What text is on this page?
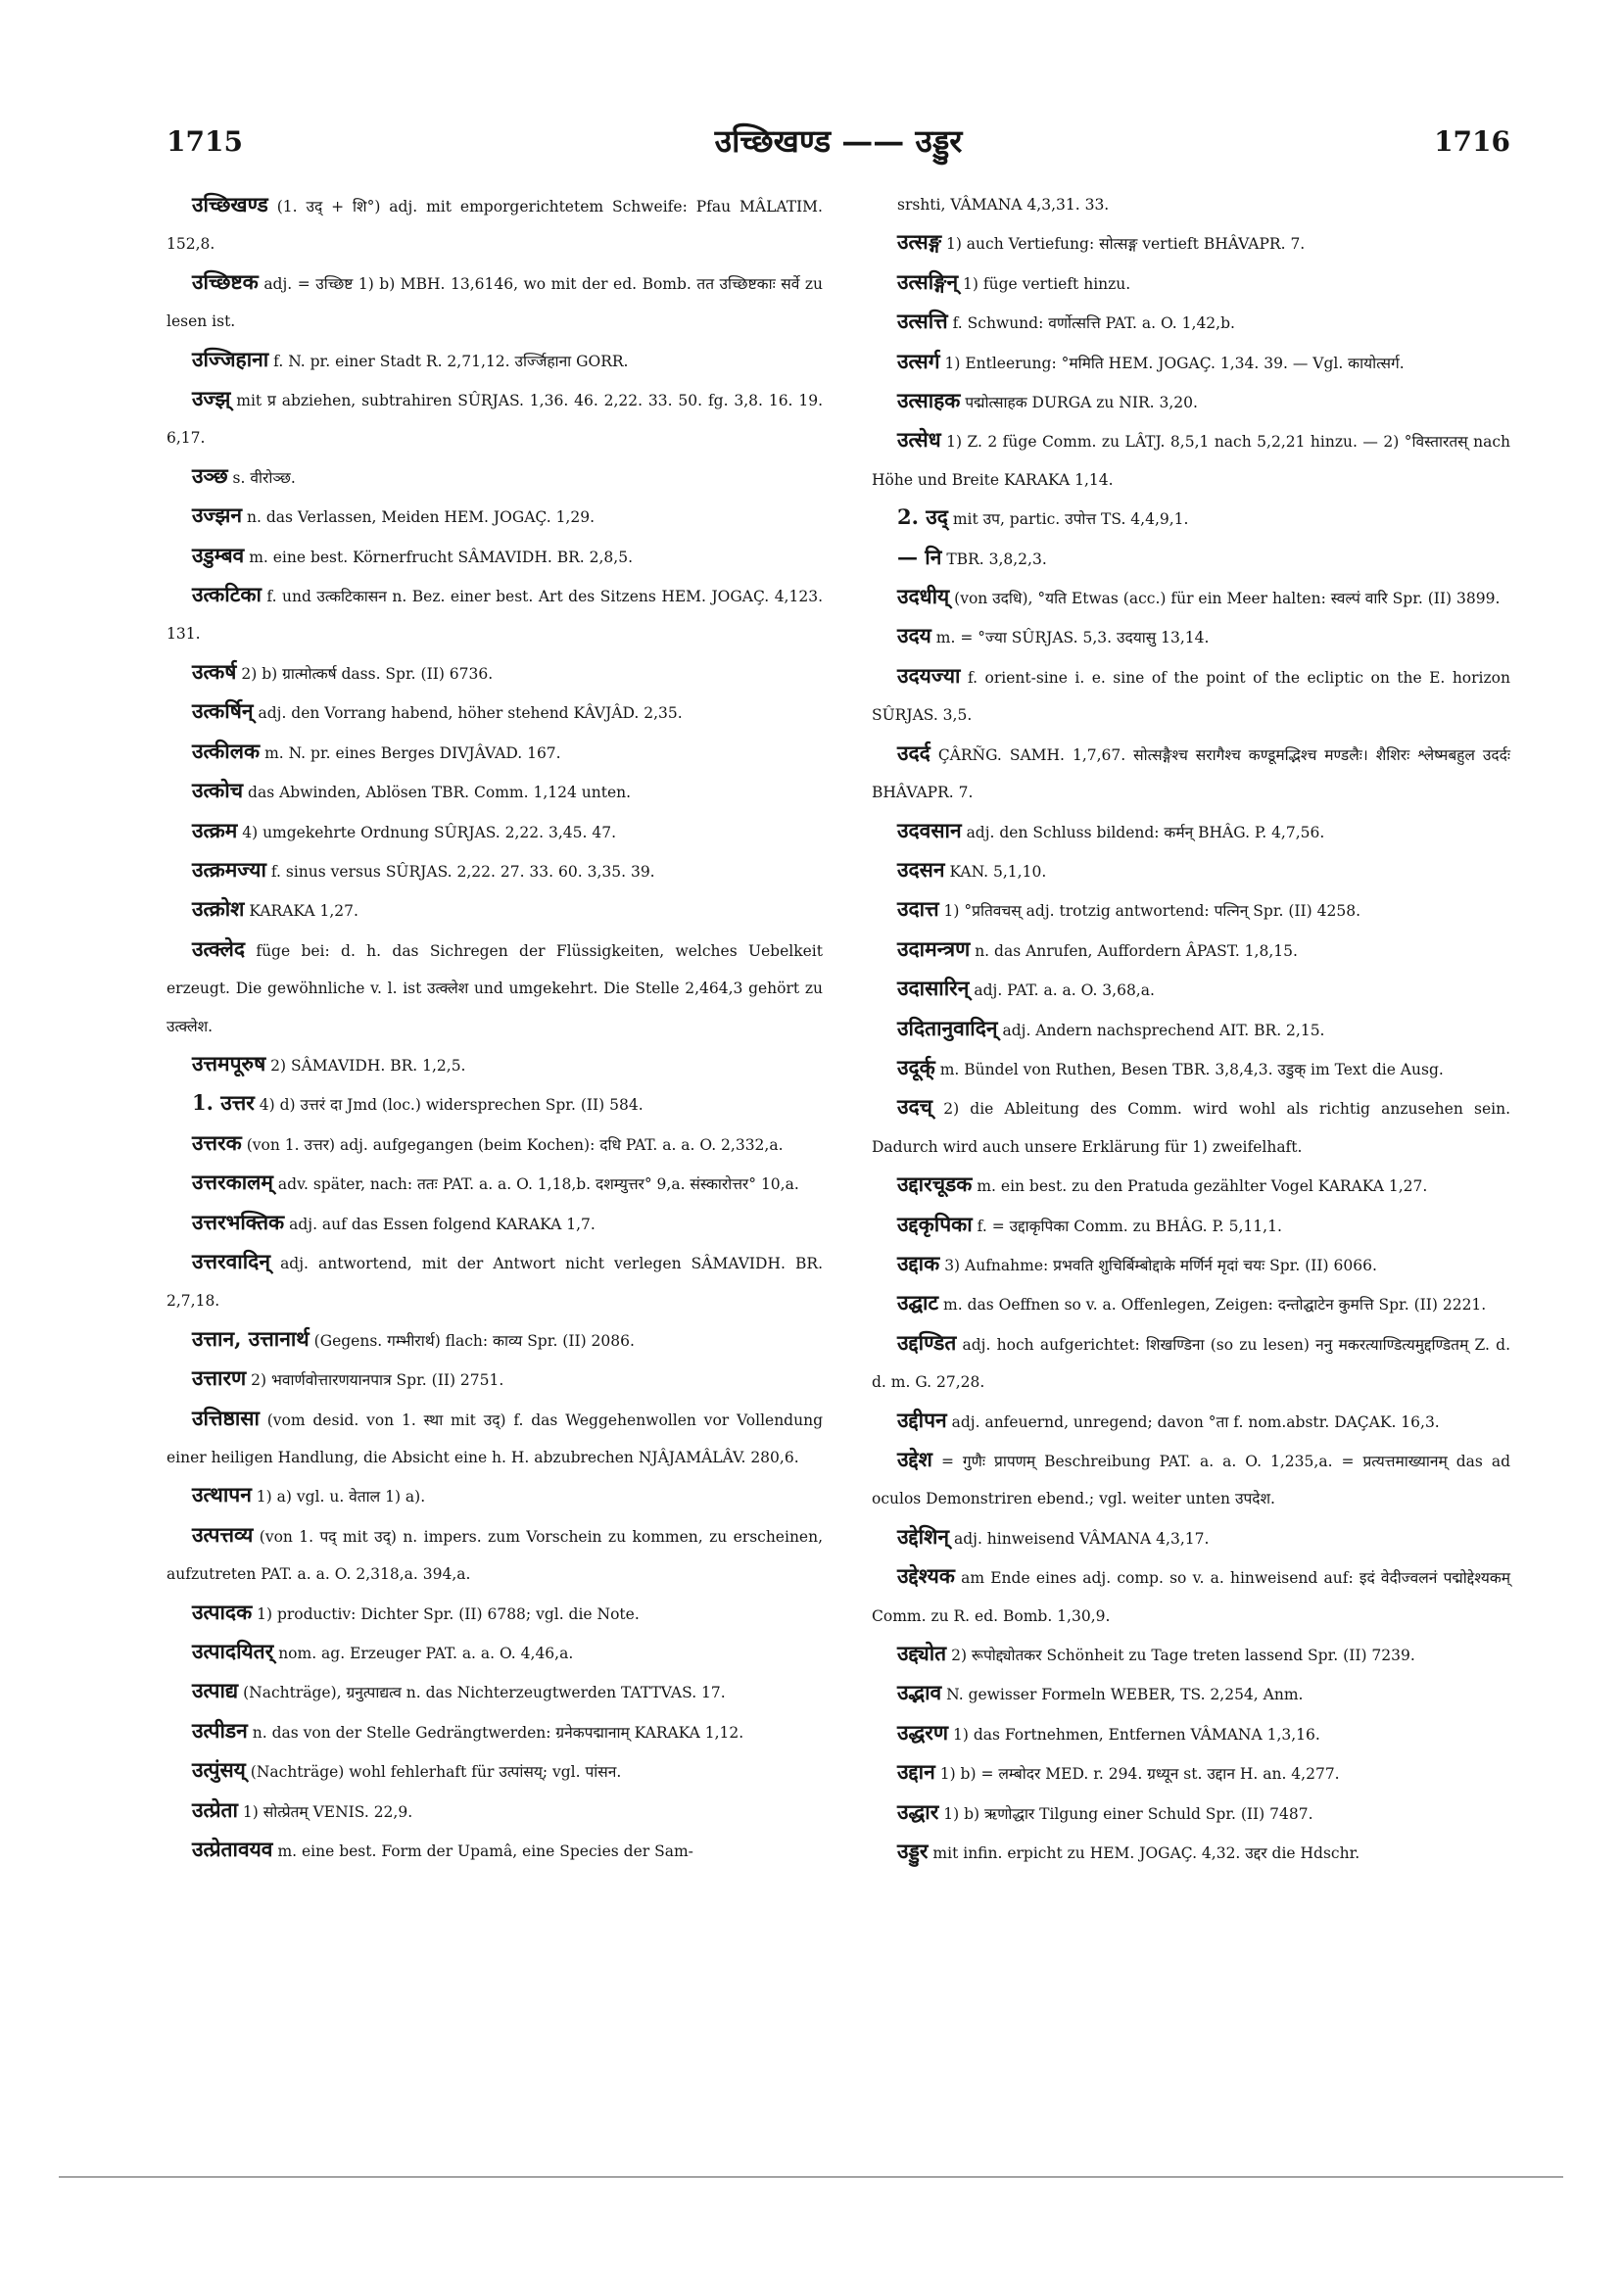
1715	उच्छिखण्ड —— उड्डुर	1716

उच्छिखण्ड (1. उद् + शि°) adj. mit emporgerichtetem Schweife: Pfau MÂLATIM. 152,8.

उच्छिष्टक adj. = उच्छिष्ट 1) b) MBH. 13,6146, wo mit der ed. Bomb. तत उच्छिष्टकाः सर्वे zu lesen ist.

उज्जिहाना f. N. pr. einer Stadt R. 2,71,12. उर्ज्जिहाना GORR.

उज्झ् mit प्र abziehen, subtrahiren SÛRJAS. 1,36. 46. 2,22. 33. 50. fg. 3,8. 16. 19. 6,17.

उञ्छ s. वीरोञ्छ.

उज्झन n. das Verlassen, Meiden HEM. JOGAÇ. 1,29.

उडुम्बव m. eine best. Körnerfrucht SÂMAVIDH. BR. 2,8,5.

उत्कटिका f. und उत्कटिकासन n. Bez. einer best. Art des Sitzens HEM. JOGAÇ. 4,123. 131.

उत्कर्ष 2) b) ग्रात्मोत्कर्ष dass. Spr. (II) 6736.

उत्कर्षिन् adj. den Vorrang habend, höher stehend KÂVJÂD. 2,35.

उत्कीलक m. N. pr. eines Berges DIVJÂVAD. 167.

उत्कोच das Abwinden, Ablösen TBR. Comm. 1,124 unten.

उत्क्रम 4) umgekehrte Ordnung SÛRJAS. 2,22. 3,45. 47.

उत्क्रमज्या f. sinus versus SÛRJAS. 2,22. 27. 33. 60. 3,35. 39.

उत्क्रोश KARAKA 1,27.

उत्क्लेद füge bei: d. h. das Sichregen der Flüssigkeiten, welches Uebelkeit erzeugt. Die gewöhnliche v. l. ist उत्क्लेश und umgekehrt. Die Stelle 2,464,3 gehört zu उत्क्लेश.

उत्तमपूरुष 2) SÂMAVIDH. BR. 1,2,5.

1. उत्तर 4) d) उत्तरं दा Jmd (loc.) widersprechen Spr. (II) 584.

उत्तरक (von 1. उत्तर) adj. aufgegangen (beim Kochen): दधि PAT. a. a. O. 2,332,a.

उत्तरकालम् adv. später, nach: ततः PAT. a. a. O. 1,18,b. दशम्युत्तर° 9,a. संस्कारोत्तर° 10,a.

उत्तरभक्तिक adj. auf das Essen folgend KARAKA 1,7.

उत्तरवादिन् adj. antwortend, mit der Antwort nicht verlegen SÂMAVIDH. BR. 2,7,18.

उत्तान, उत्तानार्थ (Gegens. गम्भीरार्थ) flach: काव्य Spr. (II) 2086.

उत्तारण 2) भवार्णवोत्तारणयानपात्र Spr. (II) 2751.

उत्तिष्ठासा (vom desid. von 1. स्था mit उद्) f. das Weggehenwollen vor Vollendung einer heiligen Handlung, die Absicht eine h. H. abzubrechen NJÂJAMÂLÂV. 280,6.

उत्थापन 1) a) vgl. u. वेताल 1) a).

उत्पत्तव्य (von 1. पद् mit उद्) n. impers. zum Vorschein zu kommen, zu erscheinen, aufzutreten PAT. a. a. O. 2,318,a. 394,a.

उत्पादक 1) productiv: Dichter Spr. (II) 6788; vgl. die Note.

उत्पादयितर् nom. ag. Erzeuger PAT. a. a. O. 4,46,a.

उत्पाद्य (Nachträge), ग्रनुत्पाद्यत्व n. das Nichterzeugtwerden TATTVAS. 17.

उत्पीडन n. das von der Stelle Gedrängtwerden: ग्रनेकपद्मानाम् KARAKA 1,12.

उत्पुंसय् (Nachträge) wohl fehlerhaft für उत्पांसय्; vgl. पांसन.

उत्प्रेता 1) सोत्प्रेतम् VENIS. 22,9.

उत्प्रेतावयव m. eine best. Form der Upamâ, eine Species der Sam-

srshti, VÂMANA 4,3,31. 33.

उत्सङ्ग 1) auch Vertiefung: सोत्सङ्ग vertieft BHÂVAPR. 7.

उत्सङ्गिन् 1) füge vertieft hinzu.

उत्सत्ति f. Schwund: वर्णोत्सत्ति PAT. a. O. 1,42,b.

उत्सर्ग 1) Entleerung: °ममिति HEM. JOGAÇ. 1,34. 39. — Vgl. कायोत्सर्ग.

उत्साहक पद्मोत्साहक DURGA zu NIR. 3,20.

उत्सेध 1) Z. 2 füge Comm. zu LÂTJ. 8,5,1 nach 5,2,21 hinzu. — 2) °विस्तारतस् nach Höhe und Breite KARAKA 1,14.

2. उद् mit उप, partic. उपोत्त TS. 4,4,9,1.

— नि TBR. 3,8,2,3.

उदधीय् (von उदधि), °यति Etwas (acc.) für ein Meer halten: स्वल्पं वारि Spr. (II) 3899.

उदय m. = °ज्या SÛRJAS. 5,3. उदयासु 13,14.

उदयज्या f. orient-sine i. e. sine of the point of the ecliptic on the E. horizon SÛRJAS. 3,5.

उदर्द ÇÂRÑG. SAMH. 1,7,67. सोत्सङ्गैश्च सरागैश्च कण्डूमद्भिश्च मण्डलैः। शैशिरः श्लेष्मबहुल उदर्दः BHÂVAPR. 7.

उदवसान adj. den Schluss bildend: कर्मन् BHÂG. P. 4,7,56.

उदसन KAN. 5,1,10.

उदात्त 1) °प्रतिवचस् adj. trotzig antwortend: पत्निन् Spr. (II) 4258.

उदामन्त्रण n. das Anrufen, Auffordern ÂPAST. 1,8,15.

उदासारिन् adj. PAT. a. a. O. 3,68,a.

उदितानुवादिन् adj. Andern nachsprechend AIT. BR. 2,15.

उदूर्क् m. Bündel von Ruthen, Besen TBR. 3,8,4,3. उडुक् im Text die Ausg.

उदच् 2) die Ableitung des Comm. wird wohl als richtig anzusehen sein. Dadurch wird auch unsere Erklärung für 1) zweifelhaft.

उद्दारचूडक m. ein best. zu den Pratuda gezählter Vogel KARAKA 1,27.

उद्दकृपिका f. = उद्दाकृपिका Comm. zu BHÂG. P. 5,11,1.

उद्दाक 3) Aufnahme: प्रभवति शुचिर्बिम्बोद्दाके मर्णिर्न मृदां चयः Spr. (II) 6066.

उद्घाट m. das Oeffnen so v. a. Offenlegen, Zeigen: दन्तोद्घाटेन कुमत्ति Spr. (II) 2221.

उद्दण्डित adj. hoch aufgerichtet: शिखण्डिना (so zu lesen) ननु मकरत्याण्डित्यमुद्दण्डितम् Z. d. d. m. G. 27,28.

उद्दीपन adj. anfeuernd, unregend; davon °ता f. nom.abstr. DAÇAK. 16,3.

उद्देश = गुणैः प्रापणम् Beschreibung PAT. a. a. O. 1,235,a. = प्रत्यत्तमाख्यानम् das ad oculos Demonstriren ebend.; vgl. weiter unten उपदेश.

उद्देशिन् adj. hinweisend VÂMANA 4,3,17.

उद्देश्यक am Ende eines adj. comp. so v. a. hinweisend auf: इदं वेदीज्वलनं पद्मोद्देश्यकम् Comm. zu R. ed. Bomb. 1,30,9.

उद्द्योत 2) रूपोद्द्योतकर Schönheit zu Tage treten lassend Spr. (II) 7239.

उद्भाव N. gewisser Formeln WEBER, TS. 2,254, Anm.

उद्धरण 1) das Fortnehmen, Entfernen VÂMANA 1,3,16.

उद्दान 1) b) = लम्बोदर MED. r. 294. ग्रध्यून st. उद्दान H. an. 4,277.

उद्धार 1) b) ऋणोद्धार Tilgung einer Schuld Spr. (II) 7487.

उड्डुर mit infin. erpicht zu HEM. JOGAÇ. 4,32. उद्दर die Hdschr.
